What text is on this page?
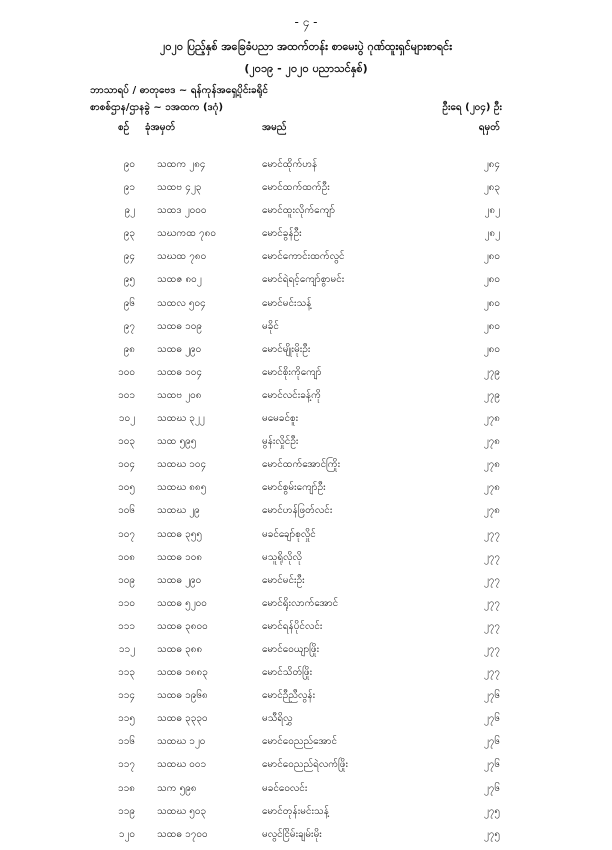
- ၄ -
၂၀၂၀ ပြည့်နှစ် အခြေခံပညာ အထက်တန်း စာမေးပွဲ ဂုဏ်ထူးရှင်များစာရင်း
(၂၀၁၉ - ၂၀၂၀ ပညာသင်နှစ်)
ဘာသာရပ် / ဓာတုဗေဒ ~ ရန်ကုန်အရှေ့ပိုင်းခရိုင်
စာစစ်ဌာန/ဌာနခွဲ ~ ၁အထက (ဒဂုံ)	ဦးရေ (၂၀၄) ဦး
စဉ် ခုံအမှတ်	အမည်	ရမှတ်
၉၀ သထက ၂၈၄	မောင်ထိုက်ဟန်	၂၈၄
၉၁ သထဗ ၄၂၃	မောင်ထက်ထက်ဦး	၂၈၃
၉၂ သထဒ ၂၀၀၀	မောင်ထူးလိုက်ကျော်	၂၈၂
၉၃ သဃကထ ၇၈၀	မောင်ခွန်ဦး	၂၈၂
၉၄ သဃထ ၇၈၀	မောင်ကောင်းထက်လွင်	၂၈၀
၉၅ သထဇ ၈၀၂	မောင်ရဲရင့်ကျော်စွာမင်း	၂၈၀
၉၆ သထလ ၅၀၄	မောင်မင်းသန့်	၂၈၀
၉၇ သထဓ ၁၀၉	မခိုင်	၂၈၀
၉၈ သထဓ ၂၉၀	မောင်မျိုးမိုးဦး	၂၈၀
၁၀၀ သထဓ ၁၀၄	မောင်စိုးကိုကျော်	၂၇၉
၁၀၁ သထဗ ၂၀၈	မောင်လင်းခန့်ကို	၂၇၉
၁၀၂ သထဃ ၃၂၂	မမေခင်စူး	၂၇၈
၁၀၃ သထ ၅၉၅	မွန်းလှိုင်ဦး	၂၇၈
၁၀၄ သထဃ ၁၀၄	မောင်ထက်အောင်ကြိုး	၂၇၈
၁၀၅ သထဃ ၈၈၅	မောင်စွမ်းကျော်ဦး	၂၇၈
၁၀၆ သထဃ ၂၉	မောင်ဟန်ဖြတ်လင်း	၂၇၈
၁၀၇ သထဓ ၃၅၅	မခင်ချော်စုလှိုင်	၂၇၇
၁၀၈ သထဓ ၁၀၈	မသူရိုလိုလို	၂၇၇
၁၀၉ သထဓ ၂၉၀	မောင်မင်းဦး	၂၇၇
၁၁၀ သထဓ ၅၂၀၀	မောင်ရိုးလာက်အောင်	၂၇၇
၁၁၁ သထဓ ၃၈၀၀	မောင်ရန်ပိုင်လင်း	၂၇၇
၁၁၂ သထဓ ၃၈၈	မောင်ဝေယျာဖြိုး	၂၇၇
၁၁၃ သထဓ ၁၈၈၃	မောင်သိတ်ဖြိုး	၂၇၇
၁၁၄ သထဓ ၁၉၆၈	မောင်ဉီညီလွန်း	၂၇၆
၁၁၅ သထဓ ၃၃၃၀	မသီရိလွှ	၂၇၆
၁၁၆ သထဃ ၁၂၀	မောင်ဝေညည်အောင်	၂၇၆
၁၁၇ သထဃ ၀၀၁	မောင်ဝေညည်ရဲလက်ဖြိုး	၂၇၆
၁၁၈ သက ၅၉၈	မခင်ဝေလင်း	၂၇၆
၁၁၉ သထဃ ၅၀၃	မောင်တုန်းမင်းသန့်	၂၇၅
၁၂၀ သထဓ ၁၇၀၀	မလွင်ငြိမ်းချမ်းမိုး	၂၇၅
